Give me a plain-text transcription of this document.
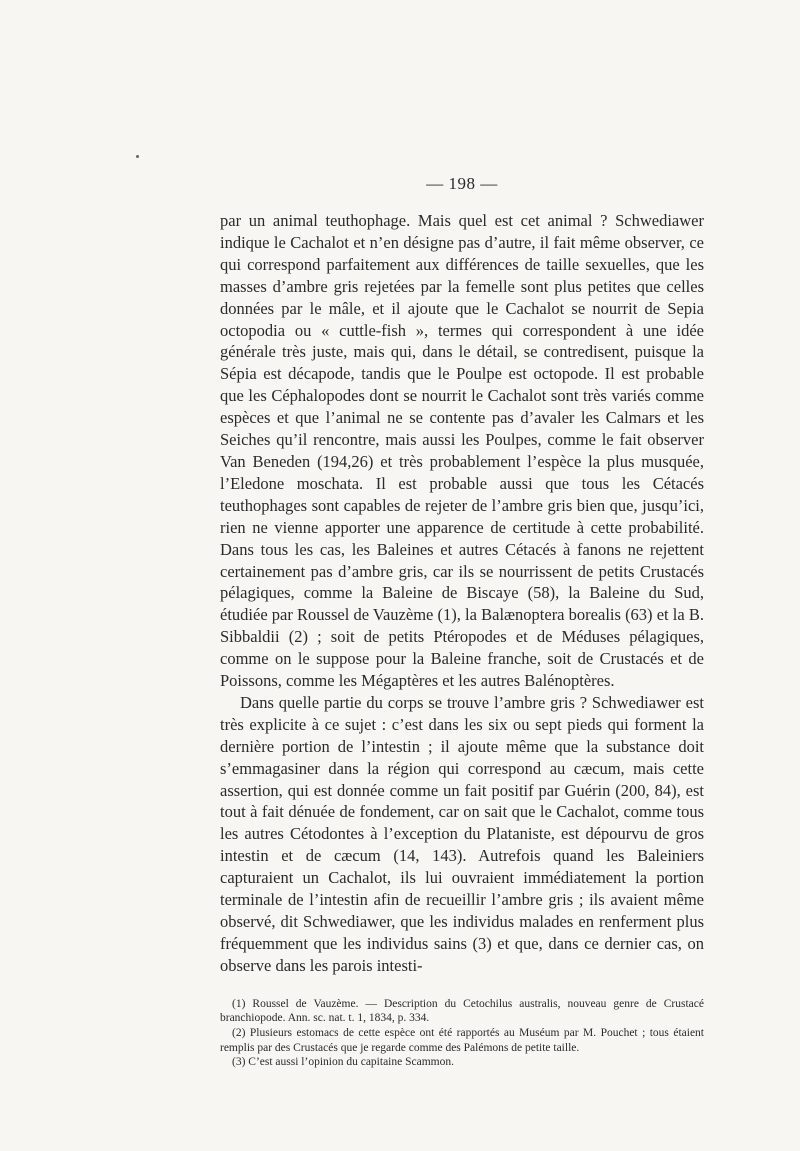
— 198 —

par un animal teuthophage. Mais quel est cet animal ? Schwediawer indique le Cachalot et n’en désigne pas d’autre, il fait même observer, ce qui correspond parfaitement aux différences de taille sexuelles, que les masses d’ambre gris rejetées par la femelle sont plus petites que celles données par le mâle, et il ajoute que le Cachalot se nourrit de Sepia octopodia ou « cuttle-fish », termes qui correspondent à une idée générale très juste, mais qui, dans le détail, se contredisent, puisque la Sépia est décapode, tandis que le Poulpe est octopode. Il est probable que les Céphalopodes dont se nourrit le Cachalot sont très variés comme espèces et que l’animal ne se contente pas d’avaler les Calmars et les Seiches qu’il rencontre, mais aussi les Poulpes, comme le fait observer Van Beneden (194,26) et très probablement l’espèce la plus musquée, l’Eledone moschata. Il est probable aussi que tous les Cétacés teuthophages sont capables de rejeter de l’ambre gris bien que, jusqu’ici, rien ne vienne apporter une apparence de certitude à cette probabilité. Dans tous les cas, les Baleines et autres Cétacés à fanons ne rejettent certainement pas d’ambre gris, car ils se nourrissent de petits Crustacés pélagiques, comme la Baleine de Biscaye (58), la Baleine du Sud, étudiée par Roussel de Vauzème (1), la Balænoptera borealis (63) et la B. Sibbaldii (2) ; soit de petits Ptéropodes et de Méduses pélagiques, comme on le suppose pour la Baleine franche, soit de Crustacés et de Poissons, comme les Mégaptères et les autres Balénoptères.

Dans quelle partie du corps se trouve l’ambre gris ? Schwediawer est très explicite à ce sujet : c’est dans les six ou sept pieds qui forment la dernière portion de l’intestin ; il ajoute même que la substance doit s’emmagasiner dans la région qui correspond au cæcum, mais cette assertion, qui est donnée comme un fait positif par Guérin (200, 84), est tout à fait dénuée de fondement, car on sait que le Cachalot, comme tous les autres Cétodontes à l’exception du Plataniste, est dépourvu de gros intestin et de cæcum (14, 143). Autrefois quand les Baleiniers capturaient un Cachalot, ils lui ouvraient immédiatement la portion terminale de l’intestin afin de recueillir l’ambre gris ; ils avaient même observé, dit Schwediawer, que les individus malades en renferment plus fréquemment que les individus sains (3) et que, dans ce dernier cas, on observe dans les parois intesti-

(1) Roussel de Vauzème. — Description du Cetochilus australis, nouveau genre de Crustacé branchiopode. Ann. sc. nat. t. 1, 1834, p. 334.

(2) Plusieurs estomacs de cette espèce ont été rapportés au Muséum par M. Pouchet ; tous étaient remplis par des Crustacés que je regarde comme des Palémons de petite taille.

(3) C’est aussi l’opinion du capitaine Scammon.
